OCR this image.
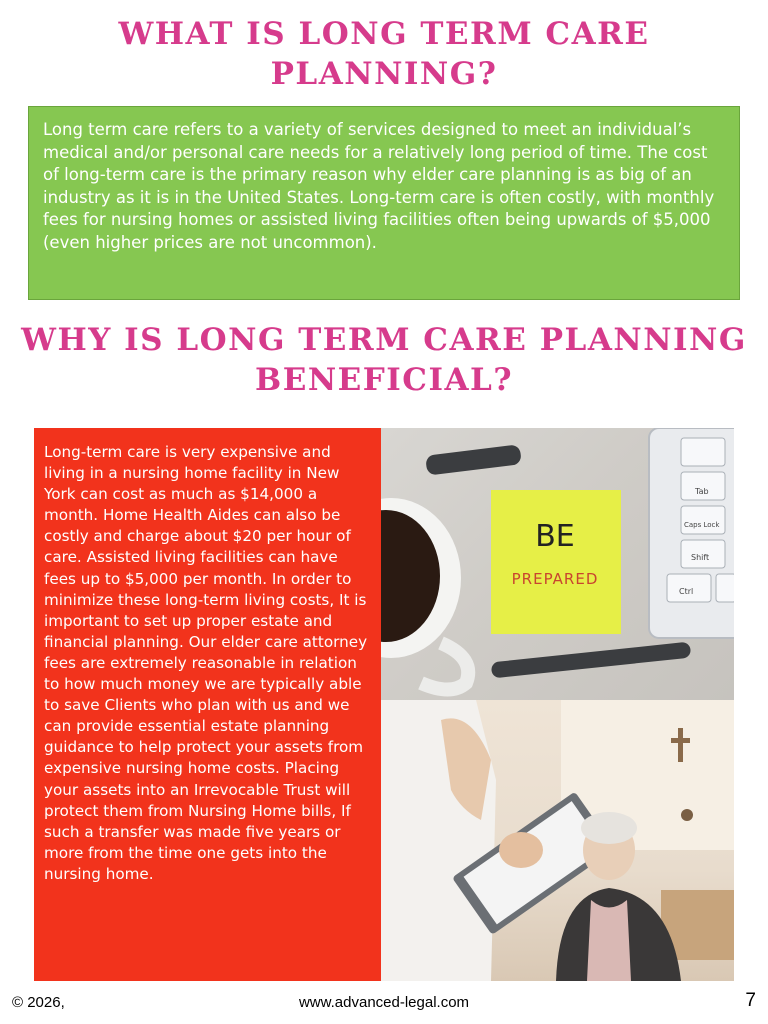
WHAT IS LONG TERM CARE PLANNING?

Long term care refers to a variety of services designed to meet an individual’s medical and/or personal care needs for a relatively long period of time. The cost of long-term care is the primary reason why elder care planning is as big of an industry as it is in the United States. Long-term care is often costly, with monthly fees for nursing homes or assisted living facilities often being upwards of $5,000 (even higher prices are not uncommon).

WHY IS LONG TERM CARE PLANNING BENEFICIAL?

Long-term care is very expensive and living in a nursing home facility in New York can cost as much as $14,000 a month. Home Health Aides can also be costly and charge about $20 per hour of care. Assisted living facilities can have fees up to $5,000 per month. In order to minimize these long-term living costs, It is important to set up proper estate and financial planning. Our elder care attorney fees are extremely reasonable in relation to how much money we are typically able to save Clients who plan with us and we can provide essential estate planning guidance to help protect your assets from expensive nursing home costs. Placing your assets into an Irrevocable Trust will protect them from Nursing Home bills, If such a transfer was made five years or more from the time one gets into the nursing home.

BE
PREPARED
Tab
Caps Lock
Shift
Ctrl

© 2026,	www.advanced-legal.com	7
